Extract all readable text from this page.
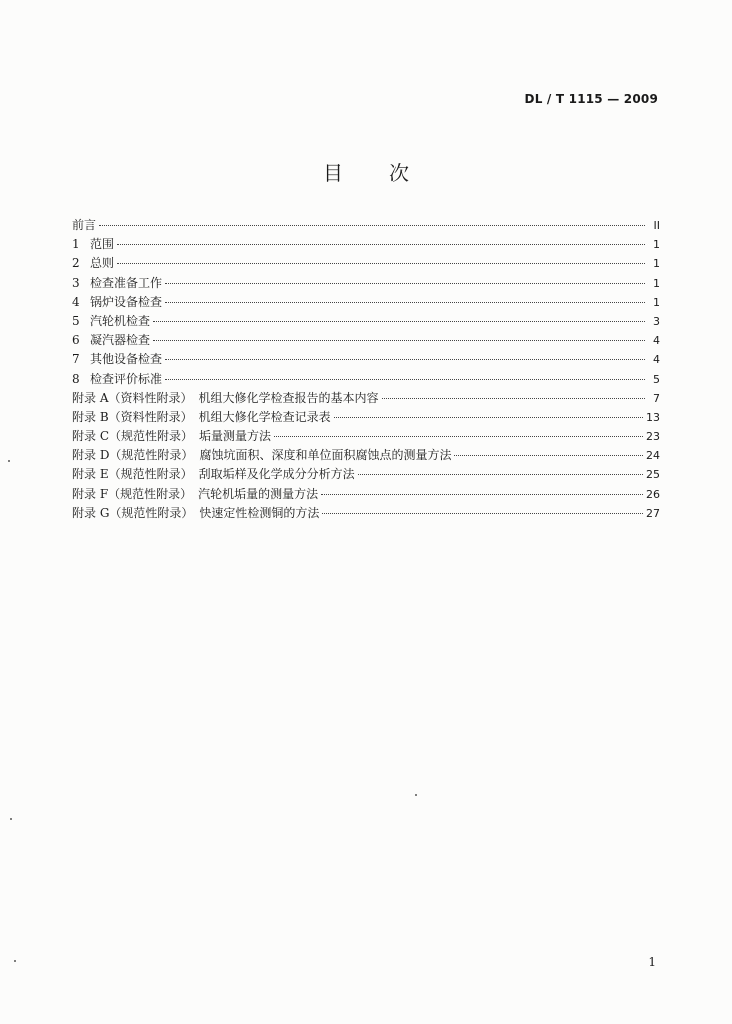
DL / T 1115 — 2009
目次
前言	II
1 范围	1
2 总则	1
3 检查准备工作	1
4 锅炉设备检查	1
5 汽轮机检查	3
6 凝汽器检查	4
7 其他设备检查	4
8 检查评价标准	5
附录 A（资料性附录） 机组大修化学检查报告的基本内容	7
附录 B（资料性附录） 机组大修化学检查记录表	13
附录 C（规范性附录） 垢量测量方法	23
附录 D（规范性附录） 腐蚀坑面积、深度和单位面积腐蚀点的测量方法	24
附录 E（规范性附录） 刮取垢样及化学成分分析方法	25
附录 F（规范性附录） 汽轮机垢量的测量方法	26
附录 G（规范性附录） 快速定性检测铜的方法	27
1
